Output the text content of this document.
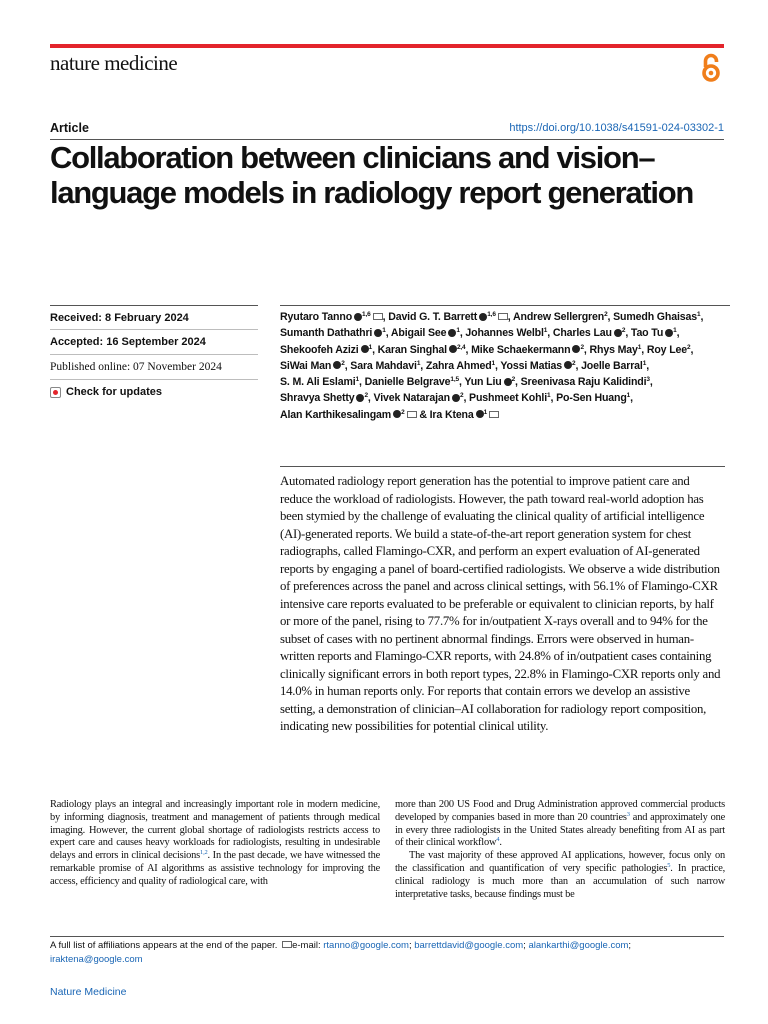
nature medicine
Article	https://doi.org/10.1038/s41591-024-03302-1
Collaboration between clinicians and vision–language models in radiology report generation
Received: 8 February 2024
Accepted: 16 September 2024
Published online: 07 November 2024
Check for updates
Ryutaro Tanno $^{1,6}$ , David G. T. Barrett $^{1,6}$ , Andrew Sellergren$^2$, Sumedh Ghaisas$^1$, Sumanth Dathathri $^1$, Abigail See $^1$, Johannes Welbl$^1$, Charles Lau $^2$, Tao Tu $^1$, Shekoofeh Azizi $^1$, Karan Singhal $^{2,4}$, Mike Schaekermann $^2$, Rhys May$^1$, Roy Lee$^2$, SiWai Man $^2$, Sara Mahdavi$^1$, Zahra Ahmed$^1$, Yossi Matias $^2$, Joelle Barral$^1$, S. M. Ali Eslami$^1$, Danielle Belgrave$^{1,5}$, Yun Liu $^2$, Sreenivasa Raju Kalidindi$^3$, Shravya Shetty $^2$, Vivek Natarajan $^2$, Pushmeet Kohli$^1$, Po-Sen Huang$^1$, Alan Karthikesalingam $^2$ & Ira Ktena $^1$
Automated radiology report generation has the potential to improve patient care and reduce the workload of radiologists. However, the path toward real-world adoption has been stymied by the challenge of evaluating the clinical quality of artificial intelligence (AI)-generated reports. We build a state-of-the-art report generation system for chest radiographs, called Flamingo-CXR, and perform an expert evaluation of AI-generated reports by engaging a panel of board-certified radiologists. We observe a wide distribution of preferences across the panel and across clinical settings, with 56.1% of Flamingo-CXR intensive care reports evaluated to be preferable or equivalent to clinician reports, by half or more of the panel, rising to 77.7% for in/outpatient X-rays overall and to 94% for the subset of cases with no pertinent abnormal findings. Errors were observed in human-written reports and Flamingo-CXR reports, with 24.8% of in/outpatient cases containing clinically significant errors in both report types, 22.8% in Flamingo-CXR reports only and 14.0% in human reports only. For reports that contain errors we develop an assistive setting, a demonstration of clinician–AI collaboration for radiology report composition, indicating new possibilities for potential clinical utility.

Radiology plays an integral and increasingly important role in modern medicine, by informing diagnosis, treatment and management of patients through medical imaging. However, the current global shortage of radiologists restricts access to expert care and causes heavy workloads for radiologists, resulting in undesirable delays and errors in clinical decisions$^{1,2}$. In the past decade, we have witnessed the remarkable promise of AI algorithms as assistive technology for improving the access, efficiency and quality of radiological care, with

more than 200 US Food and Drug Administration approved commercial products developed by companies based in more than 20 countries$^3$ and approximately one in every three radiologists in the United States already benefiting from AI as part of their clinical workflow$^4$.

The vast majority of these approved AI applications, however, focus only on the classification and quantification of very specific pathologies$^5$. In practice, clinical radiology is much more than an accumulation of such narrow interpretative tasks, because findings must be

A full list of affiliations appears at the end of the paper. e-mail: rtanno@google.com; barrettdavid@google.com; alankarthi@google.com;
iraktena@google.com
Nature Medicine
